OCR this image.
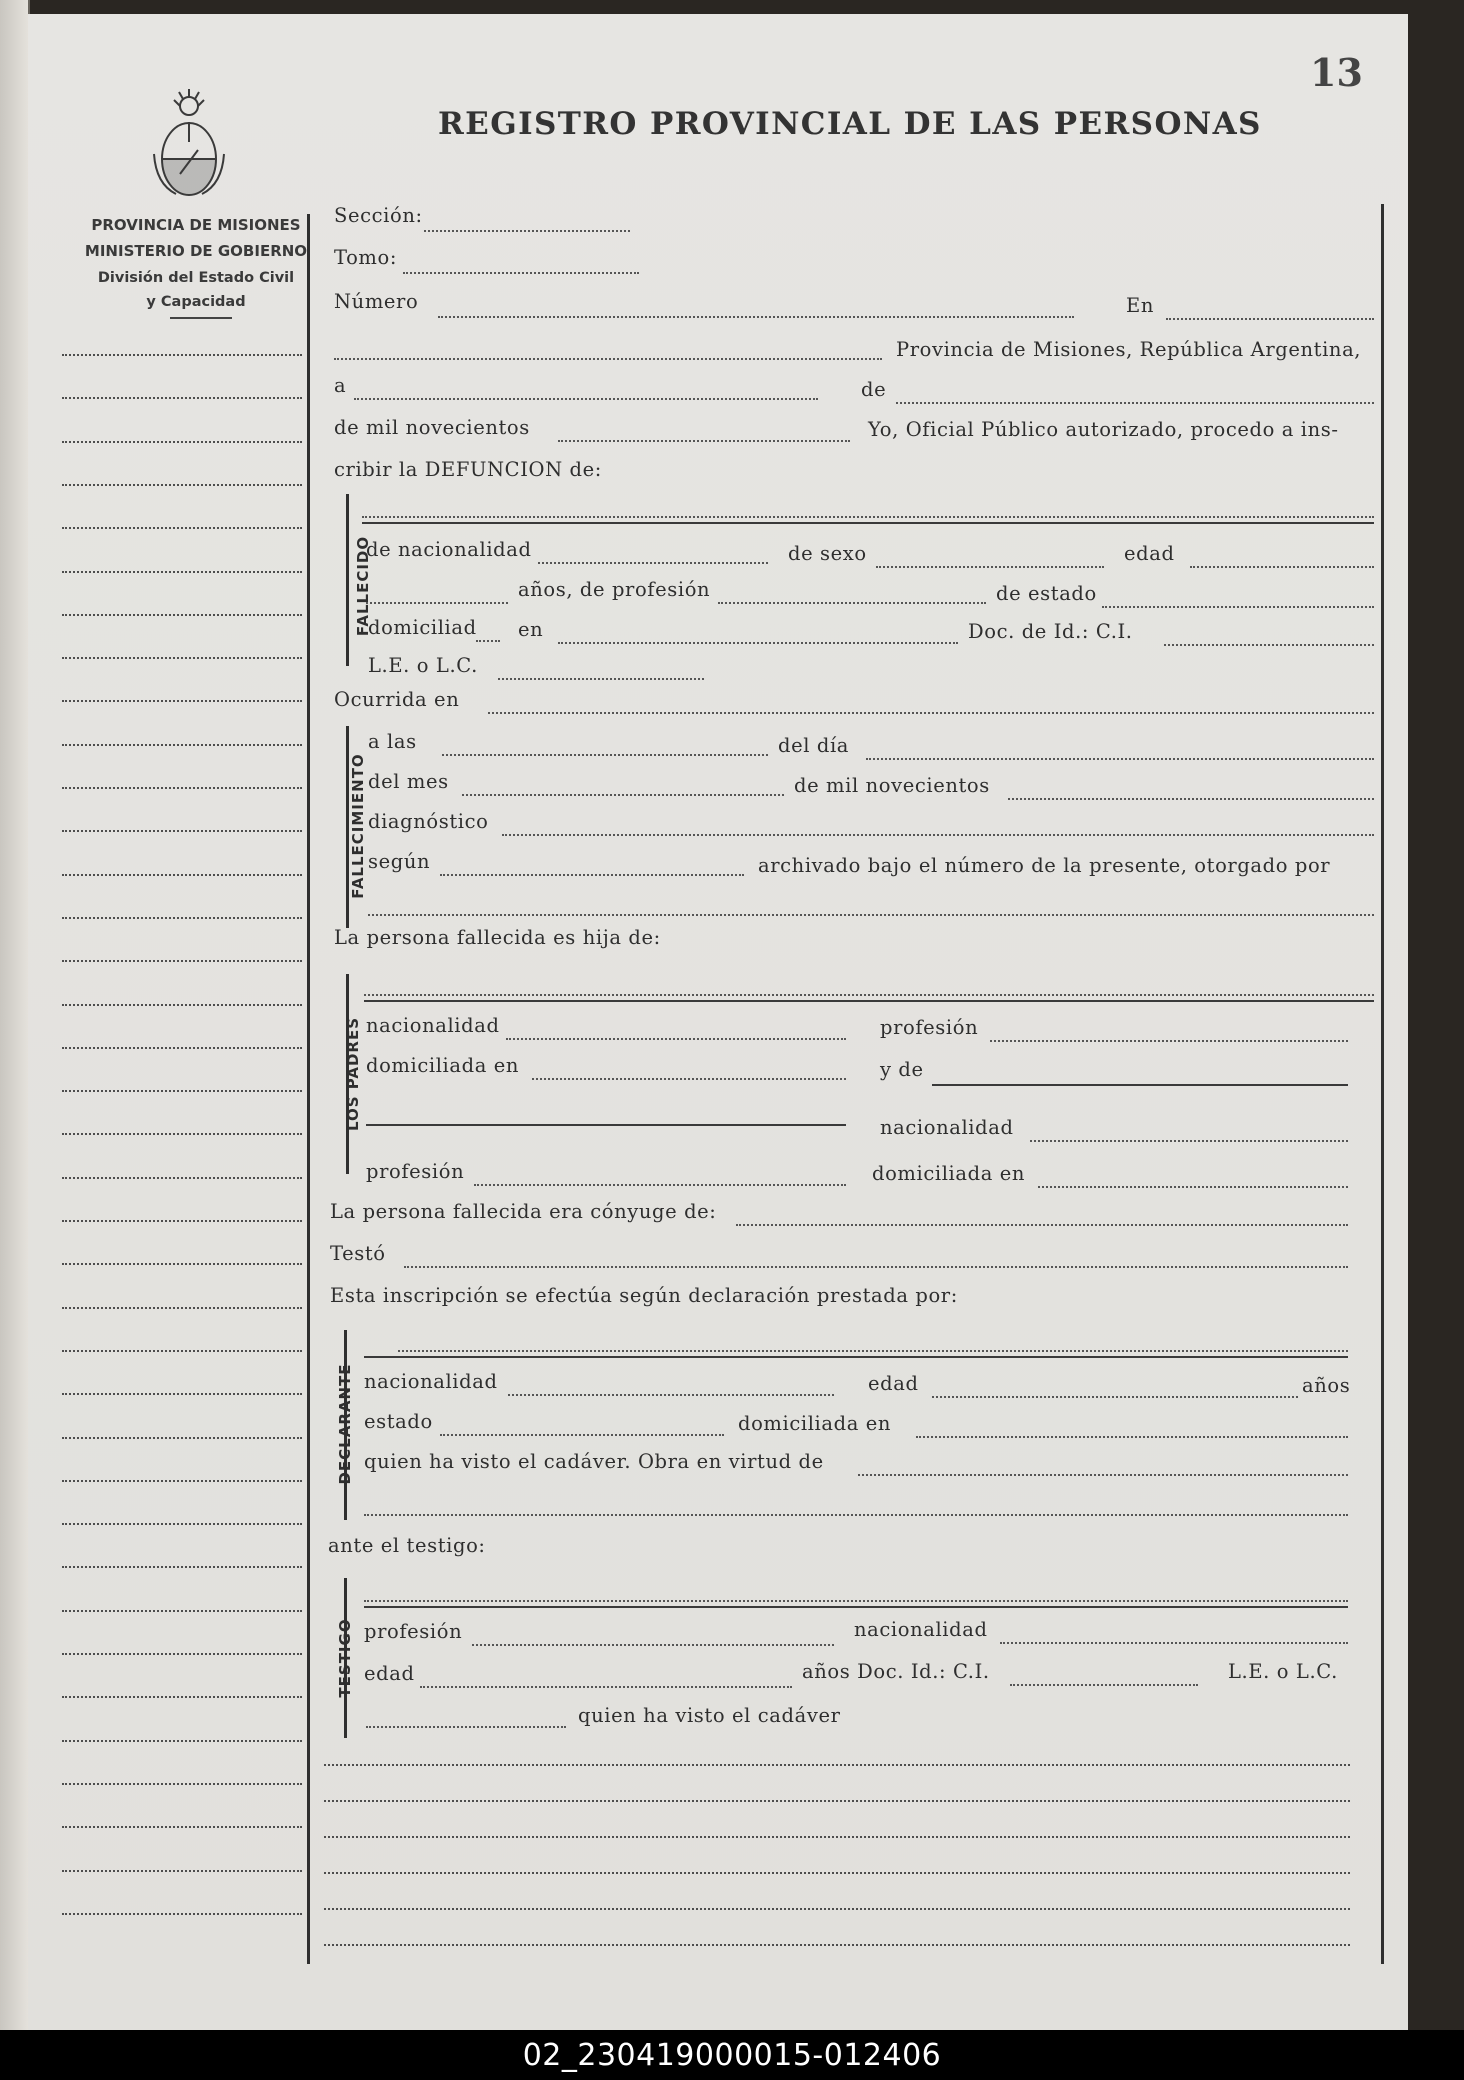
REGISTRO PROVINCIAL DE LAS PERSONAS
13
PROVINCIA DE MISIONES
MINISTERIO DE GOBIERNO
División del Estado Civil
y Capacidad
Sección:
Tomo:
Número	En
Provincia de Misiones, República Argentina,
a	de
de mil novecientos	Yo, Oficial Público autorizado, procedo a ins-
cribir la DEFUNCION de:
FALLECIDO
de nacionalidad	de sexo	edad
años, de profesión	de estado
domiciliad en	Doc. de Id.: C.I.
L.E. o L.C.
Ocurrida en
FALLECIMIENTO
a las	del día
del mes	de mil novecientos
diagnóstico
según	archivado bajo el número de la presente, otorgado por
La persona fallecida es hija de:
LOS PADRES nacionalidad	profesión
domiciliada en	y de
nacionalidad
profesión	domiciliada en
La persona fallecida era cónyuge de:
Testó
Esta inscripción se efectúa según declaración prestada por:
DECLARANTE nacionalidad	edad	años
estado	domiciliada en
quien ha visto el cadáver. Obra en virtud de
ante el testigo:
TESTIGO profesión	nacionalidad
edad	años Doc. Id.: C.I.	L.E. o L.C.
quien ha visto el cadáver
02_230419000015-012406
